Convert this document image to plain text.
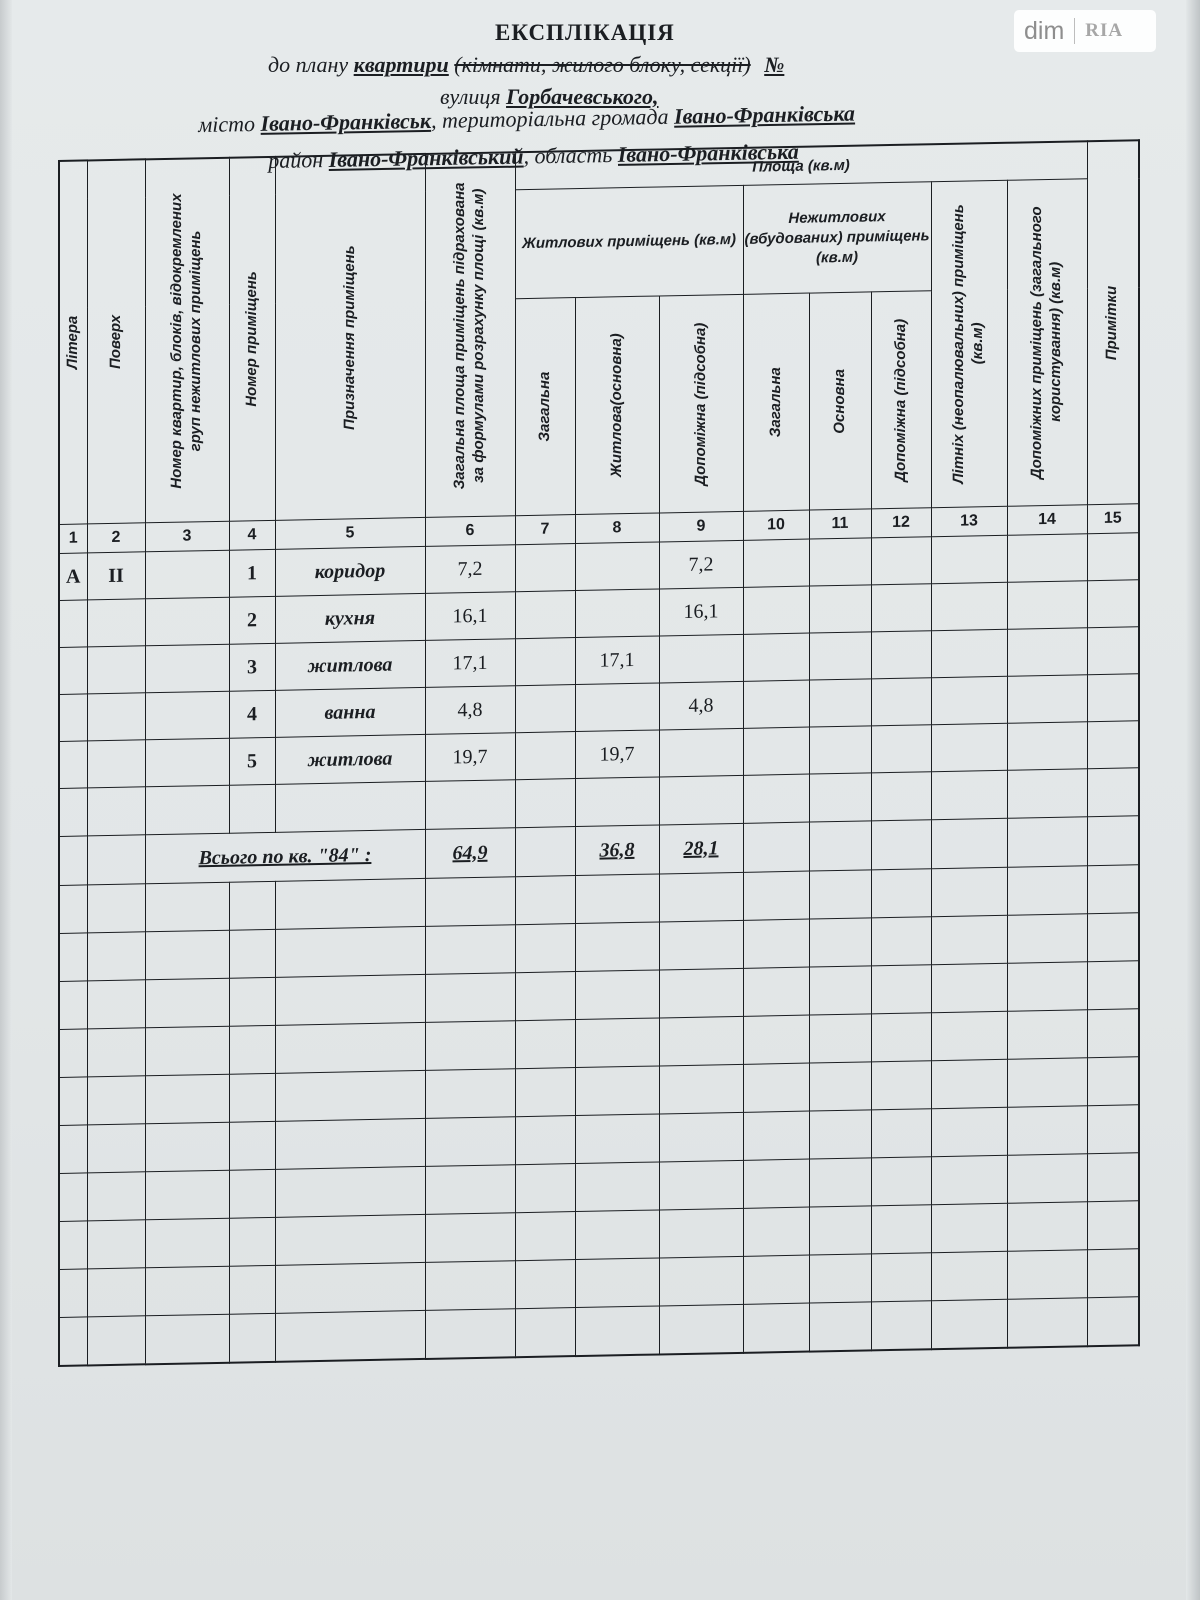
ЕКСПЛІКАЦІЯ
до плану квартири (кімнати, жилого блоку, секції) №
вулиця Горбачевського,
місто Івано-Франківськ, територіальна громада Івано-Франківська
район Івано-Франківський, область Івано-Франківська
Літера	Поверх	Номер квартир, блоків, відокремлених груп нежитлових приміщень	Номер приміщень	Призначення приміщень	Загальна площа приміщень підрахована за формулами розрахунку площі (кв.м)	Площа (кв.м)								Примітки

						Житлових приміщень (кв.м)			Нежитлових (вбудованих) приміщень (кв.м)			Літніх (неопалювальних) приміщень (кв.м)	Допоміжних приміщень (загального користування) (кв.м)	

						Загальна	Житлова(основна)	Допоміжна (підсобна)	Загальна	Основна	Допоміжна (підсобна)			

1	2	3	4	5	6	7	8	9	10	11	12	13	14	15
А	II		1	коридор	7,2			7,2						
			2	кухня	16,1			16,1						
			3	житлова	17,1		17,1							
			4	ванна	4,8			4,8						
			5	житлова	19,7		19,7							

		Всього по кв. "84" :			64,9		36,8	28,1						

dim RIA
